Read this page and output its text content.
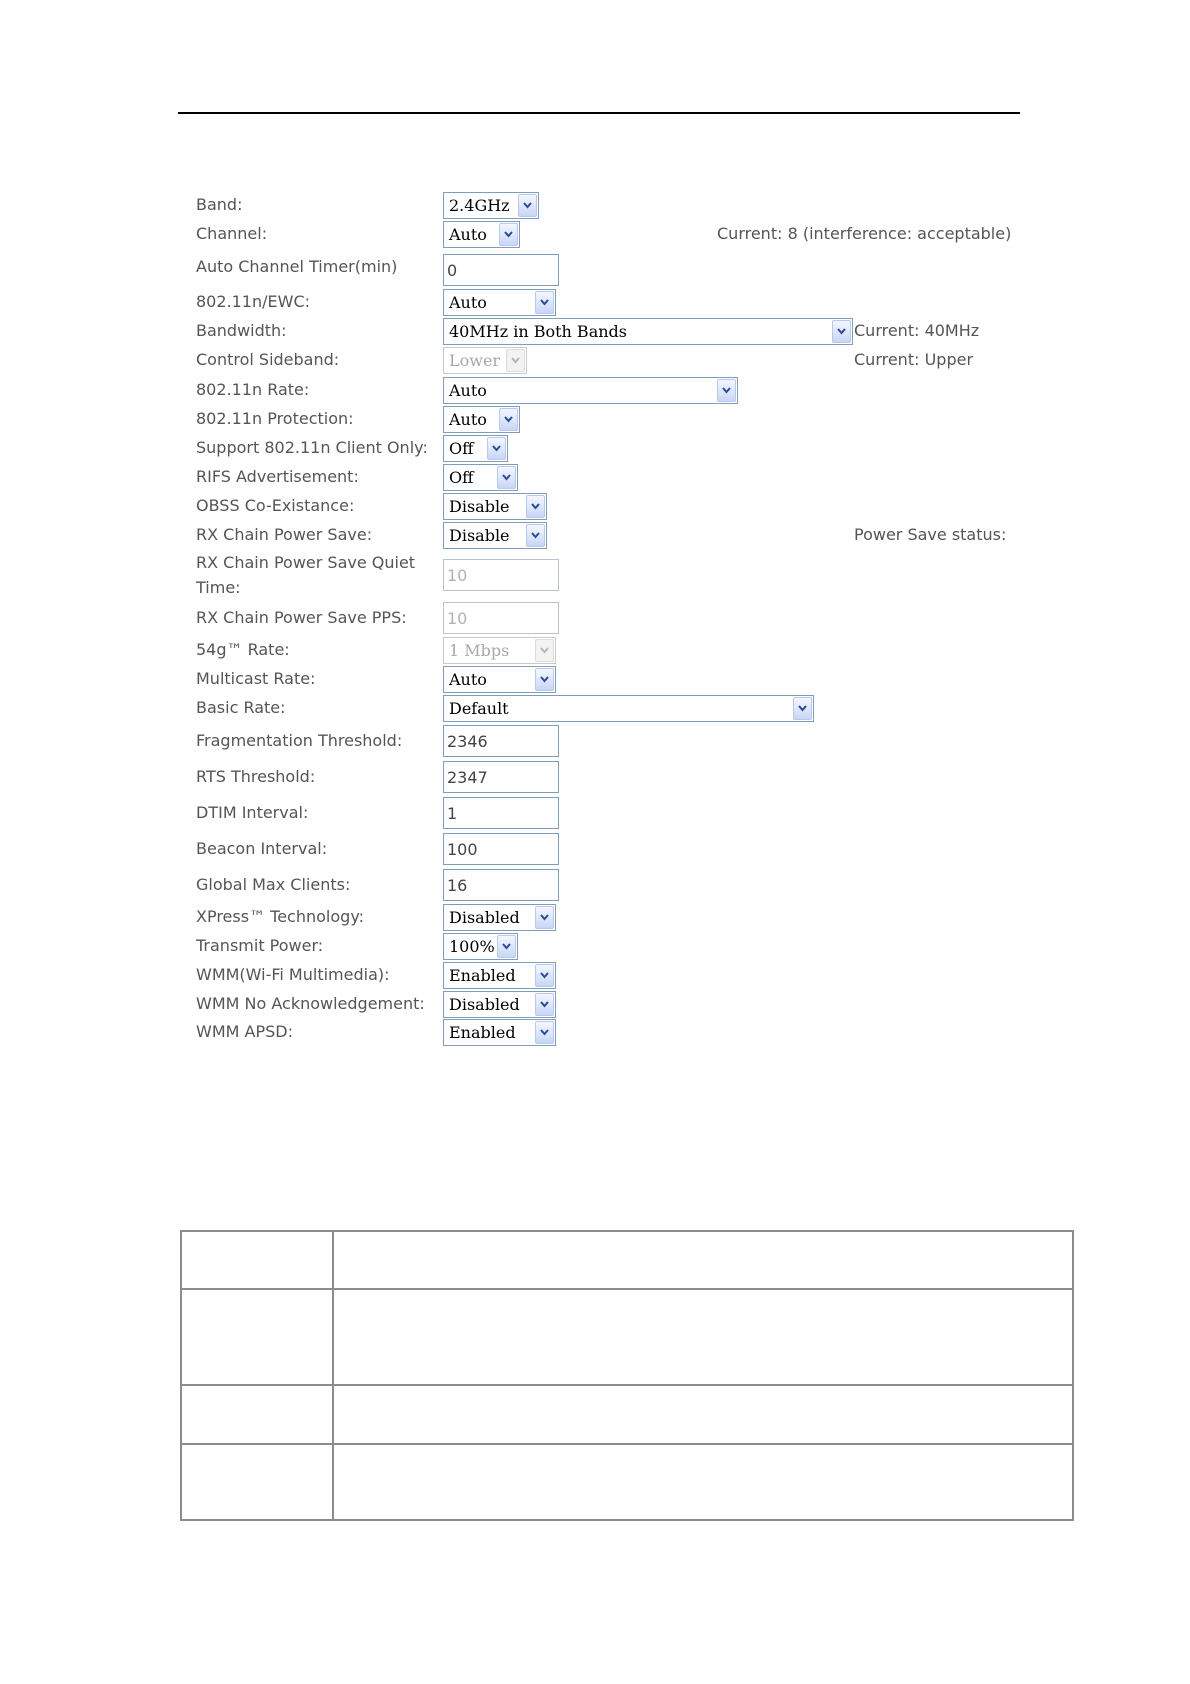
Band:	2.4GHz
Channel:	Auto	Current: 8 (interference: acceptable)
Auto Channel Timer(min)	0
802.11n/EWC:	Auto
Bandwidth:	40MHz in Both Bands	Current: 40MHz
Control Sideband:	Lower	Current: Upper
802.11n Rate:	Auto
802.11n Protection:	Auto
Support 802.11n Client Only: Off
RIFS Advertisement:	Off
OBSS Co-Existance:	Disable
RX Chain Power Save:	Disable	Power Save status:
RX Chain Power Save Quiet Time:
10
RX Chain Power Save PPS:	10
54g™ Rate:	1 Mbps
Multicast Rate:	Auto
Basic Rate:	Default
Fragmentation Threshold:	2346
RTS Threshold:	2347
DTIM Interval:	1
Beacon Interval:	100
Global Max Clients:	16
XPress™ Technology:	Disabled
Transmit Power:	100%
WMM(Wi-Fi Multimedia):	Enabled
WMM No Acknowledgement: Disabled
WMM APSD:	Enabled
